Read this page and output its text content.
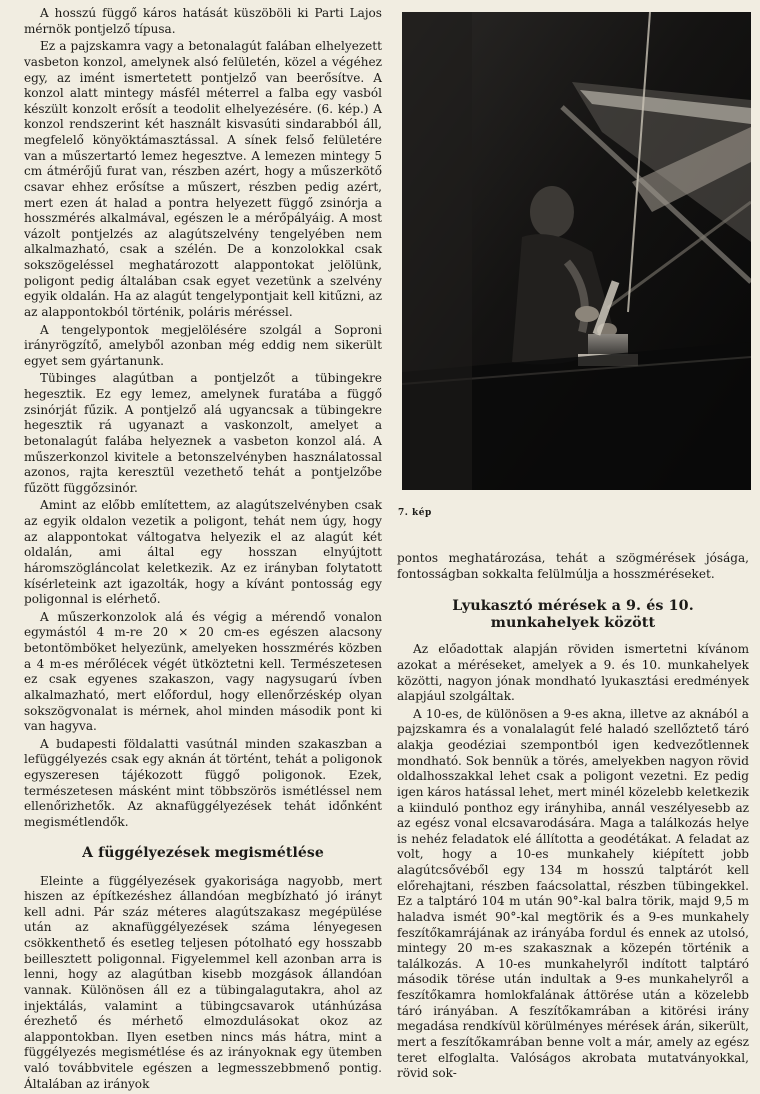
A hosszú függő káros hatását küszöböli ki Parti Lajos mérnök pontjelző típusa.

Ez a pajzskamra vagy a betonalagút falában elhelyezett vasbeton konzol, amelynek alsó felületén, közel a végéhez egy, az imént ismertetett pontjelző van beerősítve. A konzol alatt mintegy másfél méterrel a falba egy vasból készült konzolt erősít a teodolit elhelyezésére. (6. kép.) A konzol rendszerint két használt kisvasúti sindarabból áll, megfelelő könyöktámasztással. A sínek felső felületére van a műszertartó lemez hegesztve. A lemezen mintegy 5 cm átmérőjű furat van, részben azért, hogy a műszerkötő csavar ehhez erősítse a műszert, részben pedig azért, mert ezen át halad a pontra helyezett függő zsinórja a hosszmérés alkalmával, egészen le a mérőpályáig. A most vázolt pontjelzés az alagútszelvény tengelyében nem alkalmazható, csak a szélén. De a konzolokkal csak sokszögeléssel meghatározott alappontokat jelölünk, poligont pedig általában csak egyet vezetünk a szelvény egyik oldalán. Ha az alagút tengelypontjait kell kitűzni, az az alappontokból történik, poláris méréssel.

A tengelypontok megjelölésére szolgál a Soproni irányrögzítő, amelyből azonban még eddig nem sikerült egyet sem gyártanunk.

Tübinges alagútban a pontjelzőt a tübingekre hegesztik. Ez egy lemez, amelynek furatába a függő zsinórját fűzik. A pontjelző alá ugyancsak a tübingekre hegesztik rá ugyanazt a vaskonzolt, amelyet a betonalagút falába helyeznek a vasbeton konzol alá. A műszerkonzol kivitele a betonszelvényben használatossal azonos, rajta keresztül vezethető tehát a pontjelzőbe fűzött függőzsinór.

Amint az előbb említettem, az alagútszelvényben csak az egyik oldalon vezetik a poligont, tehát nem úgy, hogy az alappontokat váltogatva helyezik el az alagút két oldalán, ami által egy hosszan elnyújtott háromszögláncolat keletkezik. Az ez irányban folytatott kísérleteink azt igazolták, hogy a kívánt pontosság egy poligonnal is elérhető.

A műszerkonzolok alá és végig a mérendő vonalon egymástól 4 m-re 20 × 20 cm-es egészen alacsony betontömböket helyezünk, amelyeken hosszmérés közben a 4 m-es mérőlécek végét ütköztetni kell. Természetesen ez csak egyenes szakaszon, vagy nagysugarú ívben alkalmazható, mert előfordul, hogy ellenőrzéskép olyan sokszögvonalat is mérnek, ahol minden második pont ki van hagyva.

A budapesti földalatti vasútnál minden szakaszban a lefüggélyezés csak egy aknán át történt, tehát a poligonok egyszeresen tájékozott függő poligonok. Ezek, természetesen másként mint többszörös ismétléssel nem ellenőrizhetők. Az aknafüggélyezések tehát időnként megismétlendők.

A függélyezések megismétlése

Eleinte a függélyezések gyakorisága nagyobb, mert hiszen az építkezéshez állandóan megbízható jó irányt kell adni. Pár száz méteres alagútszakasz megépülése után az aknafüggélyezések száma lényegesen csökkenthető és esetleg teljesen pótolható egy hosszabb beillesztett poligonnal. Figyelemmel kell azonban arra is lenni, hogy az alagútban kisebb mozgások állandóan vannak. Különösen áll ez a tübingalagutakra, ahol az injektálás, valamint a tübingcsavarok utánhúzása érezhető és mérhető elmozdulásokat okoz az alappontokban. Ilyen esetben nincs más hátra, mint a függélyezés megismétlése és az irányoknak egy ütemben való továbbvitele egészen a legmesszebbmenő pontig. Általában az irányok

7. kép

pontos meghatározása, tehát a szögmérések jósága, fontosságban sokkalta felülmúlja a hosszméréseket.

Lyukasztó mérések a 9. és 10. munkahelyek között

Az előadottak alapján röviden ismertetni kívánom azokat a méréseket, amelyek a 9. és 10. munkahelyek közötti, nagyon jónak mondható lyukasztási eredmények alapjául szolgáltak.

A 10-es, de különösen a 9-es akna, illetve az aknából a pajzskamra és a vonalalagút felé haladó szellőztető táró alakja geodéziai szempontból igen kedvezőtlennek mondható. Sok bennük a törés, amelyekben nagyon rövid oldalhosszakkal lehet csak a poligont vezetni. Ez pedig igen káros hatással lehet, mert minél közelebb keletkezik a kiinduló ponthoz egy irányhiba, annál veszélyesebb az az egész vonal elcsavarodására. Maga a találkozás helye is nehéz feladatok elé állította a geodétákat. A feladat az volt, hogy a 10-es munkahely kiépített jobb alagútcsővéből egy 134 m hosszú talptárót kell előrehajtani, részben faácsolattal, részben tübingekkel. Ez a talptáró 104 m után 90°-kal balra törik, majd 9,5 m haladva ismét 90°-kal megtörik és a 9-es munkahely feszítőkamrájának az irányába fordul és ennek az utolsó, mintegy 20 m-es szakasznak a közepén történik a találkozás. A 10-es munkahelyről indított talptáró második törése után indultak a 9-es munkahelyről a feszítőkamra homlokfalának áttörése után a közelebb táró irányában. A feszítőkamrában a kitörési irány megadása rendkívül körülményes mérések árán, sikerült, mert a feszítőkamrában benne volt a már, amely az egész teret elfoglalta. Valóságos akrobata mutatványokkal, rövid sok-
